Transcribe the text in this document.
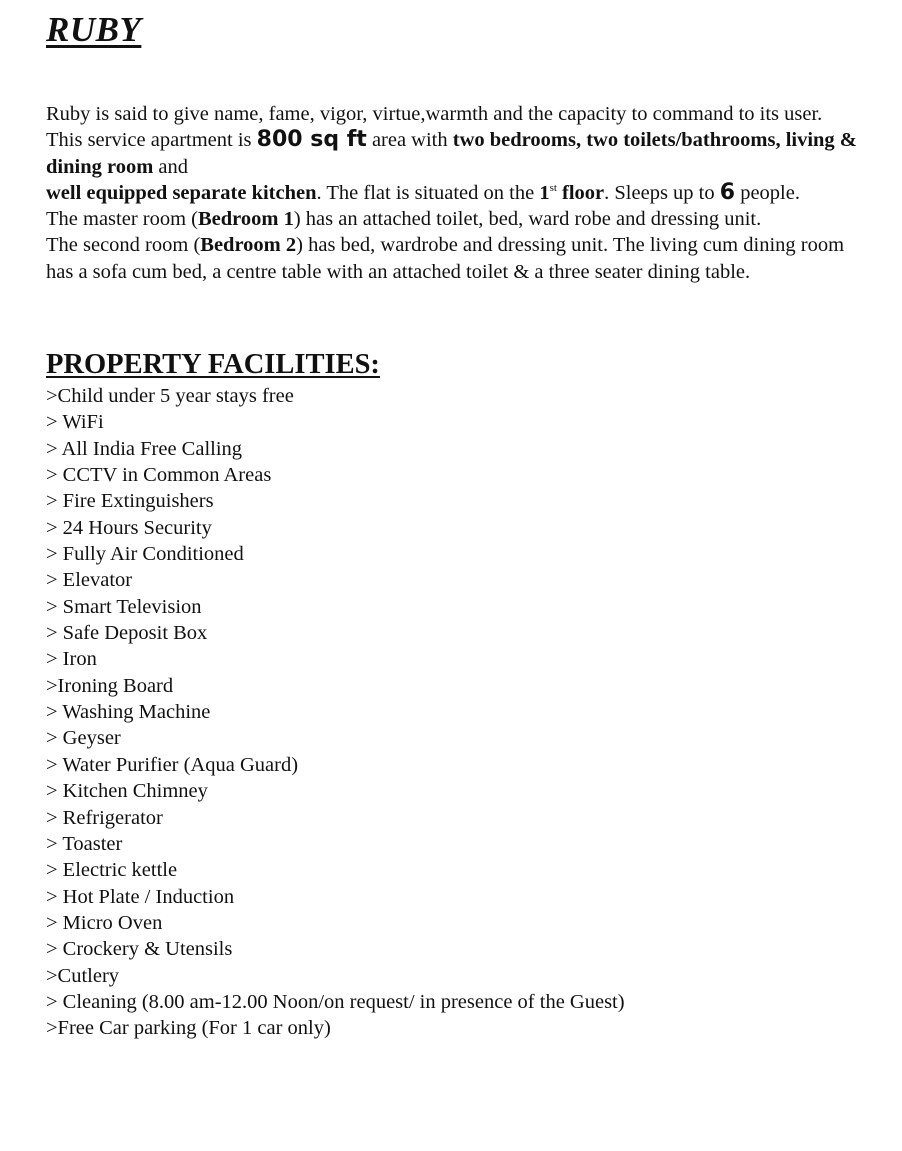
RUBY

Ruby is said to give name, fame, vigor, virtue,warmth and the capacity to command to its user.

This service apartment is 800 sq ft area with two bedrooms, two toilets/bathrooms, living & dining room and

well equipped separate kitchen. The flat is situated on the 1st floor. Sleeps up to 6 people.

The master room (Bedroom 1) has an attached toilet, bed, ward robe and dressing unit.

The second room (Bedroom 2) has bed, wardrobe and dressing unit. The living cum dining room

has a sofa cum bed, a centre table with an attached toilet & a three seater dining table.

PROPERTY FACILITIES:
>Child under 5 year stays free
> WiFi
> All India Free Calling
> CCTV in Common Areas
> Fire Extinguishers
> 24 Hours Security
> Fully Air Conditioned
> Elevator
> Smart Television
> Safe Deposit Box
> Iron
>Ironing Board
> Washing Machine
> Geyser
> Water Purifier (Aqua Guard)
> Kitchen Chimney
> Refrigerator
> Toaster
> Electric kettle
> Hot Plate / Induction
> Micro Oven
> Crockery & Utensils
>Cutlery
> Cleaning (8.00 am-12.00 Noon/on request/ in presence of the Guest)
>Free Car parking (For 1 car only)
